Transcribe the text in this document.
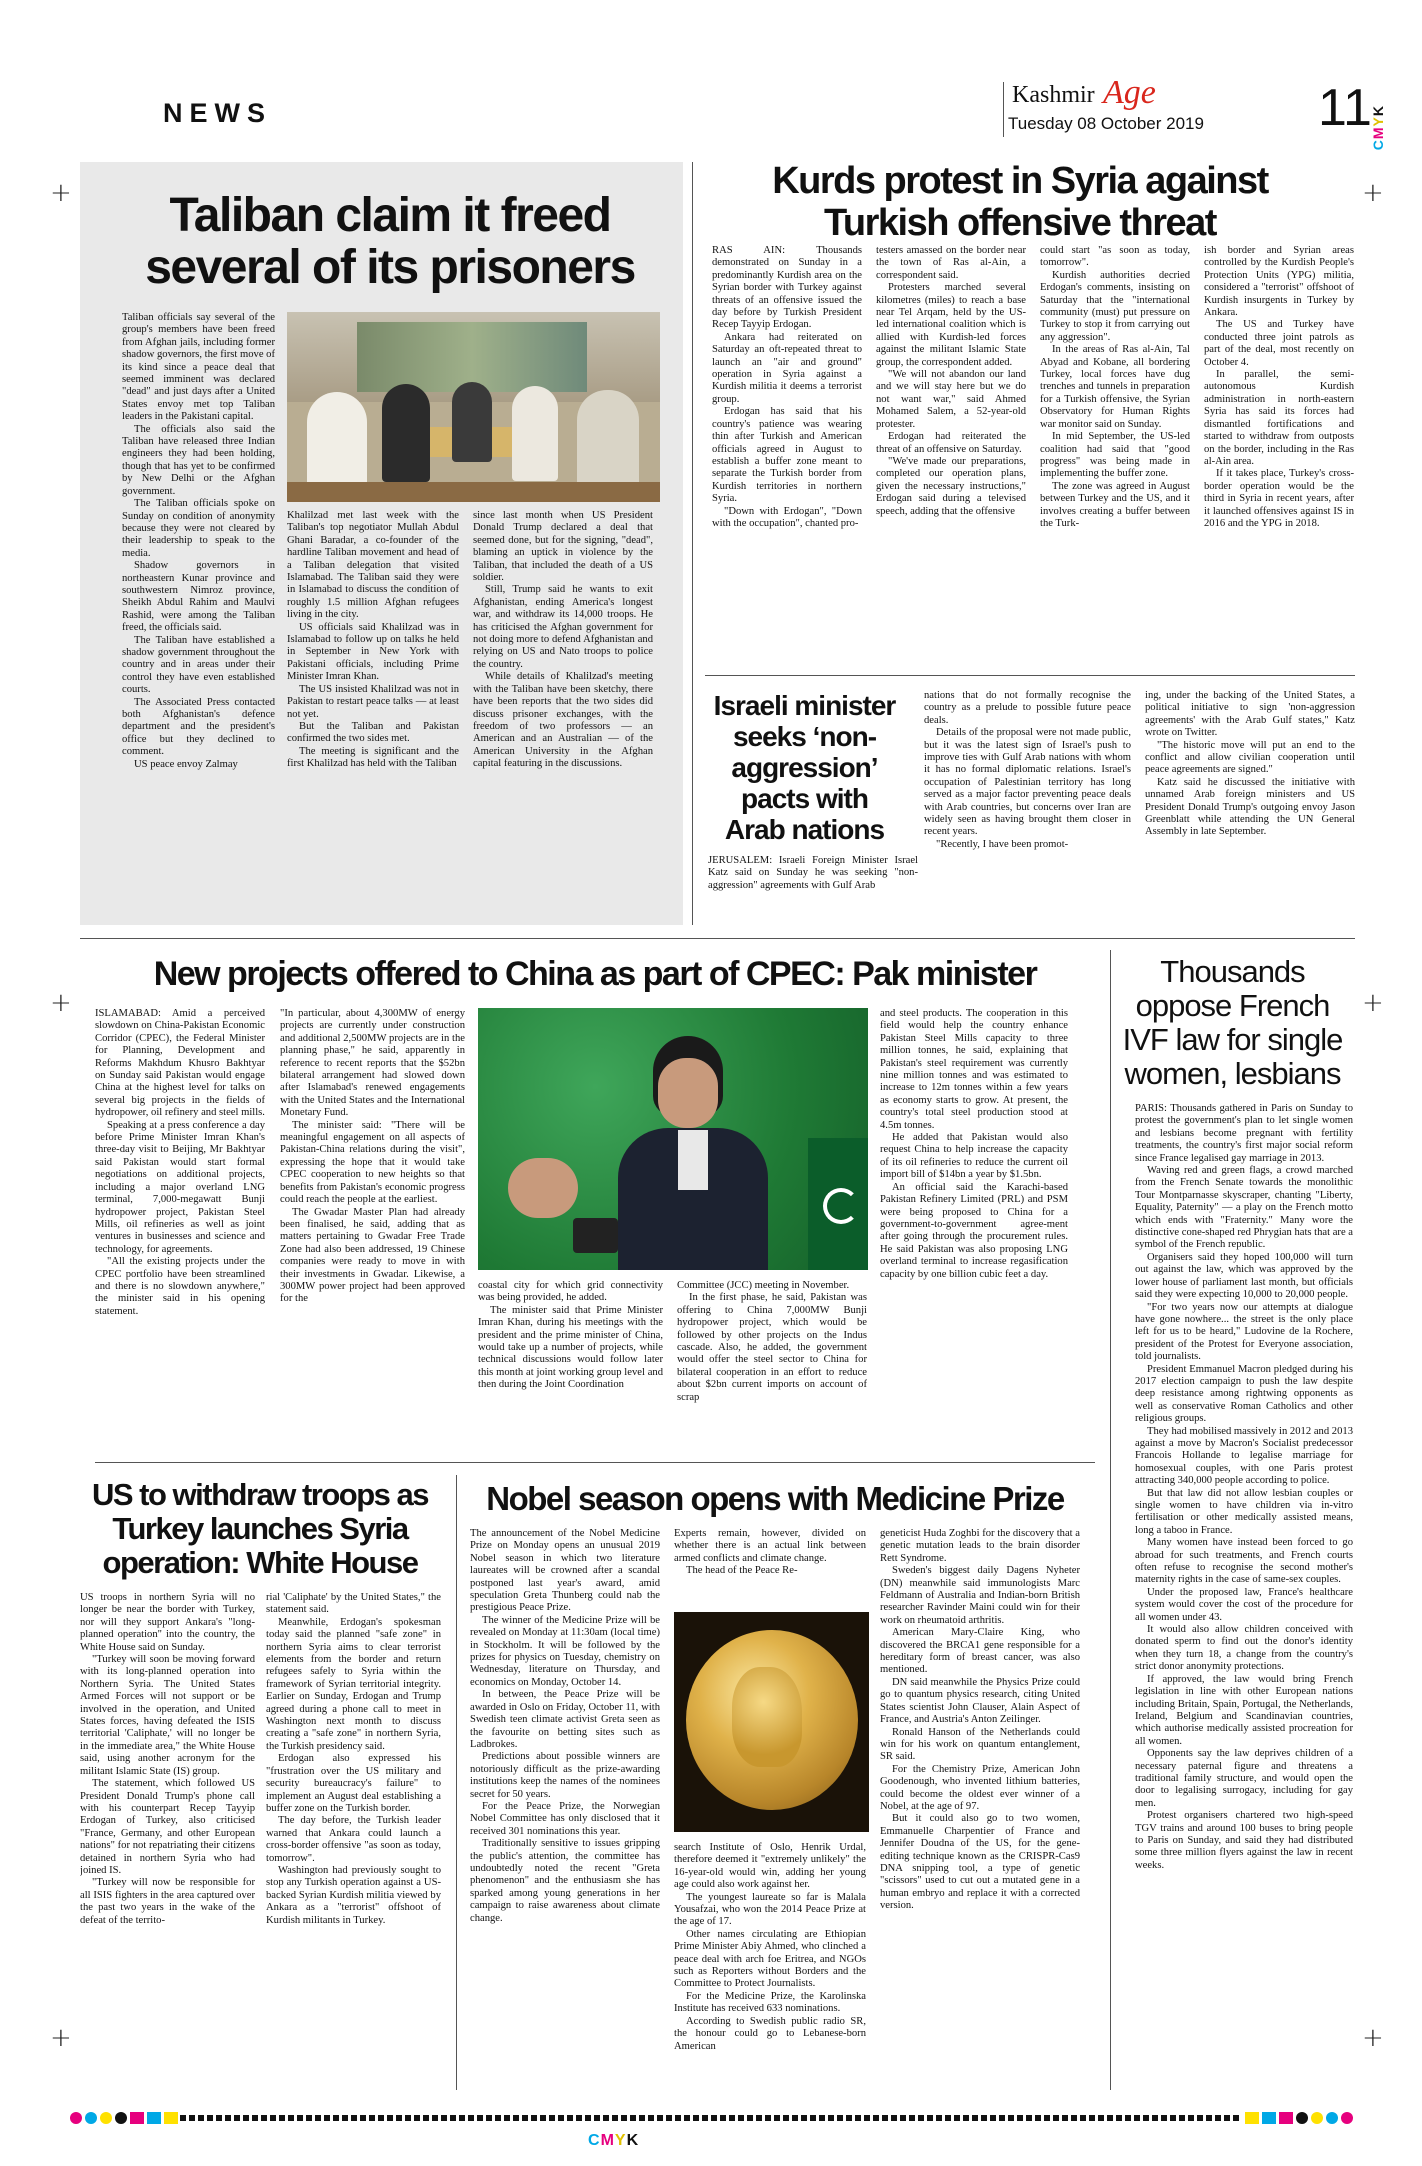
NEWS
Kashmir Age
Tuesday 08 October 2019 11
CMYK
+	+
+	+
+	+
Taliban claim it freed several of its prisoners

Taliban officials say several of the group's members have been freed from Afghan jails, including former shadow governors, the first move of its kind since a peace deal that seemed imminent was declared "dead" and just days after a United States envoy met top Taliban leaders in the Pakistani capital.

The officials also said the Taliban have released three Indian engineers they had been holding, though that has yet to be confirmed by New Delhi or the Afghan government.

The Taliban officials spoke on Sunday on condition of anonymity because they were not cleared by their leadership to speak to the media.

Shadow governors in northeastern Kunar province and southwestern Nimroz province, Sheikh Abdul Rahim and Maulvi Rashid, were among the Taliban freed, the officials said.

The Taliban have established a shadow government throughout the country and in areas under their control they have even established courts.

The Associated Press contacted both Afghanistan's defence department and the president's office but they declined to comment.

US peace envoy Zalmay

Khalilzad met last week with the Taliban's top negotiator Mullah Abdul Ghani Baradar, a co-founder of the hardline Taliban movement and head of a Taliban delegation that visited Islamabad. The Taliban said they were in Islamabad to discuss the condition of roughly 1.5 million Afghan refugees living in the city.

US officials said Khalilzad was in Islamabad to follow up on talks he held in September in New York with Pakistani officials, including Prime Minister Imran Khan.

The US insisted Khalilzad was not in Pakistan to restart peace talks — at least not yet.

But the Taliban and Pakistan confirmed the two sides met.

The meeting is significant and the first Khalilzad has held with the Taliban

since last month when US President Donald Trump declared a deal that seemed done, but for the signing, "dead", blaming an uptick in violence by the Taliban, that included the death of a US soldier.

Still, Trump said he wants to exit Afghanistan, ending America's longest war, and withdraw its 14,000 troops. He has criticised the Afghan government for not doing more to defend Afghanistan and relying on US and Nato troops to police the country.

While details of Khalilzad's meeting with the Taliban have been sketchy, there have been reports that the two sides did discuss prisoner exchanges, with the freedom of two professors — an American and an Australian — of the American University in the Afghan capital featuring in the discussions.

Kurds protest in Syria against Turkish offensive threat

RAS AIN: Thousands demonstrated on Sunday in a predominantly Kurdish area on the Syrian border with Turkey against threats of an offensive issued the day before by Turkish President Recep Tayyip Erdogan.

Ankara had reiterated on Saturday an oft-repeated threat to launch an "air and ground" operation in Syria against a Kurdish militia it deems a terrorist group.

Erdogan has said that his country's patience was wearing thin after Turkish and American officials agreed in August to establish a buffer zone meant to separate the Turkish border from Kurdish territories in northern Syria.

"Down with Erdogan", "Down with the occupation", chanted pro-

testers amassed on the border near the town of Ras al-Ain, a correspondent said.

Protesters marched several kilometres (miles) to reach a base near Tel Arqam, held by the US-led international coalition which is allied with Kurdish-led forces against the militant Islamic State group, the correspondent added.

"We will not abandon our land and we will stay here but we do not want war," said Ahmed Mohamed Salem, a 52-year-old protester.

Erdogan had reiterated the threat of an offensive on Saturday.

"We've made our preparations, completed our operation plans, given the necessary instructions," Erdogan said during a televised speech, adding that the offensive

could start "as soon as today, tomorrow".

Kurdish authorities decried Erdogan's comments, insisting on Saturday that the "international community (must) put pressure on Turkey to stop it from carrying out any aggression".

In the areas of Ras al-Ain, Tal Abyad and Kobane, all bordering Turkey, local forces have dug trenches and tunnels in preparation for a Turkish offensive, the Syrian Observatory for Human Rights war monitor said on Sunday.

In mid September, the US-led coalition had said that "good progress" was being made in implementing the buffer zone.

The zone was agreed in August between Turkey and the US, and it involves creating a buffer between the Turk-

ish border and Syrian areas controlled by the Kurdish People's Protection Units (YPG) militia, considered a "terrorist" offshoot of Kurdish insurgents in Turkey by Ankara.

The US and Turkey have conducted three joint patrols as part of the deal, most recently on October 4.

In parallel, the semi-autonomous Kurdish administration in north-eastern Syria has said its forces had dismantled fortifications and started to withdraw from outposts on the border, including in the Ras al-Ain area.

If it takes place, Turkey's cross-border operation would be the third in Syria in recent years, after it launched offensives against IS in 2016 and the YPG in 2018.

Israeli minister seeks ‘non-aggression’ pacts with Arab nations

JERUSALEM: Israeli Foreign Minister Israel Katz said on Sunday he was seeking "non-aggression" agreements with Gulf Arab

nations that do not formally recognise the country as a prelude to possible future peace deals.

Details of the proposal were not made public, but it was the latest sign of Israel's push to improve ties with Gulf Arab nations with whom it has no formal diplomatic relations. Israel's occupation of Palestinian territory has long served as a major factor preventing peace deals with Arab countries, but concerns over Iran are widely seen as having brought them closer in recent years.

"Recently, I have been promot-

ing, under the backing of the United States, a political initiative to sign 'non-aggression agreements' with the Arab Gulf states," Katz wrote on Twitter.

"The historic move will put an end to the conflict and allow civilian cooperation until peace agreements are signed."

Katz said he discussed the initiative with unnamed Arab foreign ministers and US President Donald Trump's outgoing envoy Jason Greenblatt while attending the UN General Assembly in late September.

New projects offered to China as part of CPEC: Pak minister

ISLAMABAD: Amid a perceived slowdown on China-Pakistan Economic Corridor (CPEC), the Federal Minister for Planning, Development and Reforms Makhdum Khusro Bakhtyar on Sunday said Pakistan would engage China at the highest level for talks on several big projects in the fields of hydropower, oil refinery and steel mills.

Speaking at a press conference a day before Prime Minister Imran Khan's three-day visit to Beijing, Mr Bakhtyar said Pakistan would start formal negotiations on additional projects, including a major overland LNG terminal, 7,000-megawatt Bunji hydropower project, Pakistan Steel Mills, oil refineries as well as joint ventures in businesses and science and technology, for agreements.

"All the existing projects under the CPEC portfolio have been streamlined and there is no slowdown anywhere," the minister said in his opening statement.

"In particular, about 4,300MW of energy projects are currently under construction and additional 2,500MW projects are in the planning phase," he said, apparently in reference to recent reports that the $52bn bilateral arrangement had slowed down after Islamabad's renewed engagements with the United States and the International Monetary Fund.

The minister said: "There will be meaningful engagement on all aspects of Pakistan-China relations during the visit", expressing the hope that it would take CPEC cooperation to new heights so that benefits from Pakistan's economic progress could reach the people at the earliest.

The Gwadar Master Plan had already been finalised, he said, adding that as matters pertaining to Gwadar Free Trade Zone had also been addressed, 19 Chinese companies were ready to move in with their investments in Gwadar. Likewise, a 300MW power project had been approved for the

coastal city for which grid connectivity was being provided, he added.

The minister said that Prime Minister Imran Khan, during his meetings with the president and the prime minister of China, would take up a number of projects, while technical discussions would follow later this month at joint working group level and then during the Joint Coordination

Committee (JCC) meeting in November.

In the first phase, he said, Pakistan was offering to China 7,000MW Bunji hydropower project, which would be followed by other projects on the Indus cascade. Also, he added, the government would offer the steel sector to China for bilateral cooperation in an effort to reduce about $2bn current imports on account of scrap

and steel products. The cooperation in this field would help the country enhance Pakistan Steel Mills capacity to three million tonnes, he said, explaining that Pakistan's steel requirement was currently nine million tonnes and was estimated to increase to 12m tonnes within a few years as economy starts to grow. At present, the country's total steel production stood at 4.5m tonnes.

He added that Pakistan would also request China to help increase the capacity of its oil refineries to reduce the current oil import bill of $14bn a year by $1.5bn.

An official said the Karachi-based Pakistan Refinery Limited (PRL) and PSM were being proposed to China for a government-to-government agree-ment after going through the procurement rules. He said Pakistan was also proposing LNG overland terminal to increase regasification capacity by one billion cubic feet a day.

Thousands oppose French IVF law for single women, lesbians

PARIS: Thousands gathered in Paris on Sunday to protest the government's plan to let single women and lesbians become pregnant with fertility treatments, the country's first major social reform since France legalised gay marriage in 2013.

Waving red and green flags, a crowd marched from the French Senate towards the monolithic Tour Montparnasse skyscraper, chanting "Liberty, Equality, Paternity" — a play on the French motto which ends with "Fraternity." Many wore the distinctive cone-shaped red Phrygian hats that are a symbol of the French republic.

Organisers said they hoped 100,000 will turn out against the law, which was approved by the lower house of parliament last month, but officials said they were expecting 10,000 to 20,000 people.

"For two years now our attempts at dialogue have gone nowhere... the street is the only place left for us to be heard," Ludovine de la Rochere, president of the Protest for Everyone association, told journalists.

President Emmanuel Macron pledged during his 2017 election campaign to push the law despite deep resistance among rightwing opponents as well as conservative Roman Catholics and other religious groups.

They had mobilised massively in 2012 and 2013 against a move by Macron's Socialist predecessor Francois Hollande to legalise marriage for homosexual couples, with one Paris protest attracting 340,000 people according to police.

But that law did not allow lesbian couples or single women to have children via in-vitro fertilisation or other medically assisted means, long a taboo in France.

Many women have instead been forced to go abroad for such treatments, and French courts often refuse to recognise the second mother's maternity rights in the case of same-sex couples.

Under the proposed law, France's healthcare system would cover the cost of the procedure for all women under 43.

It would also allow children conceived with donated sperm to find out the donor's identity when they turn 18, a change from the country's strict donor anonymity protections.

If approved, the law would bring French legislation in line with other European nations including Britain, Spain, Portugal, the Netherlands, Ireland, Belgium and Scandinavian countries, which authorise medically assisted procreation for all women.

Opponents say the law deprives children of a necessary paternal figure and threatens a traditional family structure, and would open the door to legalising surrogacy, including for gay men.

Protest organisers chartered two high-speed TGV trains and around 100 buses to bring people to Paris on Sunday, and said they had distributed some three million flyers against the law in recent weeks.

US to withdraw troops as Turkey launches Syria operation: White House

US troops in northern Syria will no longer be near the border with Turkey, nor will they support Ankara's "long-planned operation" into the country, the White House said on Sunday.

"Turkey will soon be moving forward with its long-planned operation into Northern Syria. The United States Armed Forces will not support or be involved in the operation, and United States forces, having defeated the ISIS territorial 'Caliphate,' will no longer be in the immediate area," the White House said, using another acronym for the militant Islamic State (IS) group.

The statement, which followed US President Donald Trump's phone call with his counterpart Recep Tayyip Erdogan of Turkey, also criticised "France, Germany, and other European nations" for not repatriating their citizens detained in northern Syria who had joined IS.

"Turkey will now be responsible for all ISIS fighters in the area captured over the past two years in the wake of the defeat of the territo-

rial 'Caliphate' by the United States," the statement said.

Meanwhile, Erdogan's spokesman today said the planned "safe zone" in northern Syria aims to clear terrorist elements from the border and return refugees safely to Syria within the framework of Syrian territorial integrity. Earlier on Sunday, Erdogan and Trump agreed during a phone call to meet in Washington next month to discuss creating a "safe zone" in northern Syria, the Turkish presidency said.

Erdogan also expressed his "frustration over the US military and security bureaucracy's failure" to implement an August deal establishing a buffer zone on the Turkish border.

The day before, the Turkish leader warned that Ankara could launch a cross-border offensive "as soon as today, tomorrow".

Washington had previously sought to stop any Turkish operation against a US-backed Syrian Kurdish militia viewed by Ankara as a "terrorist" offshoot of Kurdish militants in Turkey.

Nobel season opens with Medicine Prize

The announcement of the Nobel Medicine Prize on Monday opens an unusual 2019 Nobel season in which two literature laureates will be crowned after a scandal postponed last year's award, amid speculation Greta Thunberg could nab the prestigious Peace Prize.

The winner of the Medicine Prize will be revealed on Monday at 11:30am (local time) in Stockholm. It will be followed by the prizes for physics on Tuesday, chemistry on Wednesday, literature on Thursday, and economics on Monday, October 14.

In between, the Peace Prize will be awarded in Oslo on Friday, October 11, with Swedish teen climate activist Greta seen as the favourite on betting sites such as Ladbrokes.

Predictions about possible winners are notoriously difficult as the prize-awarding institutions keep the names of the nominees secret for 50 years.

For the Peace Prize, the Norwegian Nobel Committee has only disclosed that it received 301 nominations this year.

Traditionally sensitive to issues gripping the public's attention, the committee has undoubtedly noted the recent "Greta phenomenon" and the enthusiasm she has sparked among young generations in her campaign to raise awareness about climate change.

Experts remain, however, divided on whether there is an actual link between armed conflicts and climate change.

The head of the Peace Re-

search Institute of Oslo, Henrik Urdal, therefore deemed it "extremely unlikely" the 16-year-old would win, adding her young age could also work against her.

The youngest laureate so far is Malala Yousafzai, who won the 2014 Peace Prize at the age of 17.

Other names circulating are Ethiopian Prime Minister Abiy Ahmed, who clinched a peace deal with arch foe Eritrea, and NGOs such as Reporters without Borders and the Committee to Protect Journalists.

For the Medicine Prize, the Karolinska Institute has received 633 nominations.

According to Swedish public radio SR, the honour could go to Lebanese-born American

geneticist Huda Zoghbi for the discovery that a genetic mutation leads to the brain disorder Rett Syndrome.

Sweden's biggest daily Dagens Nyheter (DN) meanwhile said immunologists Marc Feldmann of Australia and Indian-born British researcher Ravinder Maini could win for their work on rheumatoid arthritis.

American Mary-Claire King, who discovered the BRCA1 gene responsible for a hereditary form of breast cancer, was also mentioned.

DN said meanwhile the Physics Prize could go to quantum physics research, citing United States scientist John Clauser, Alain Aspect of France, and Austria's Anton Zeilinger.

Ronald Hanson of the Netherlands could win for his work on quantum entanglement, SR said.

For the Chemistry Prize, American John Goodenough, who invented lithium batteries, could become the oldest ever winner of a Nobel, at the age of 97.

But it could also go to two women, Emmanuelle Charpentier of France and Jennifer Doudna of the US, for the gene-editing technique known as the CRISPR-Cas9 DNA snipping tool, a type of genetic "scissors" used to cut out a mutated gene in a human embryo and replace it with a corrected version.

CMYK
